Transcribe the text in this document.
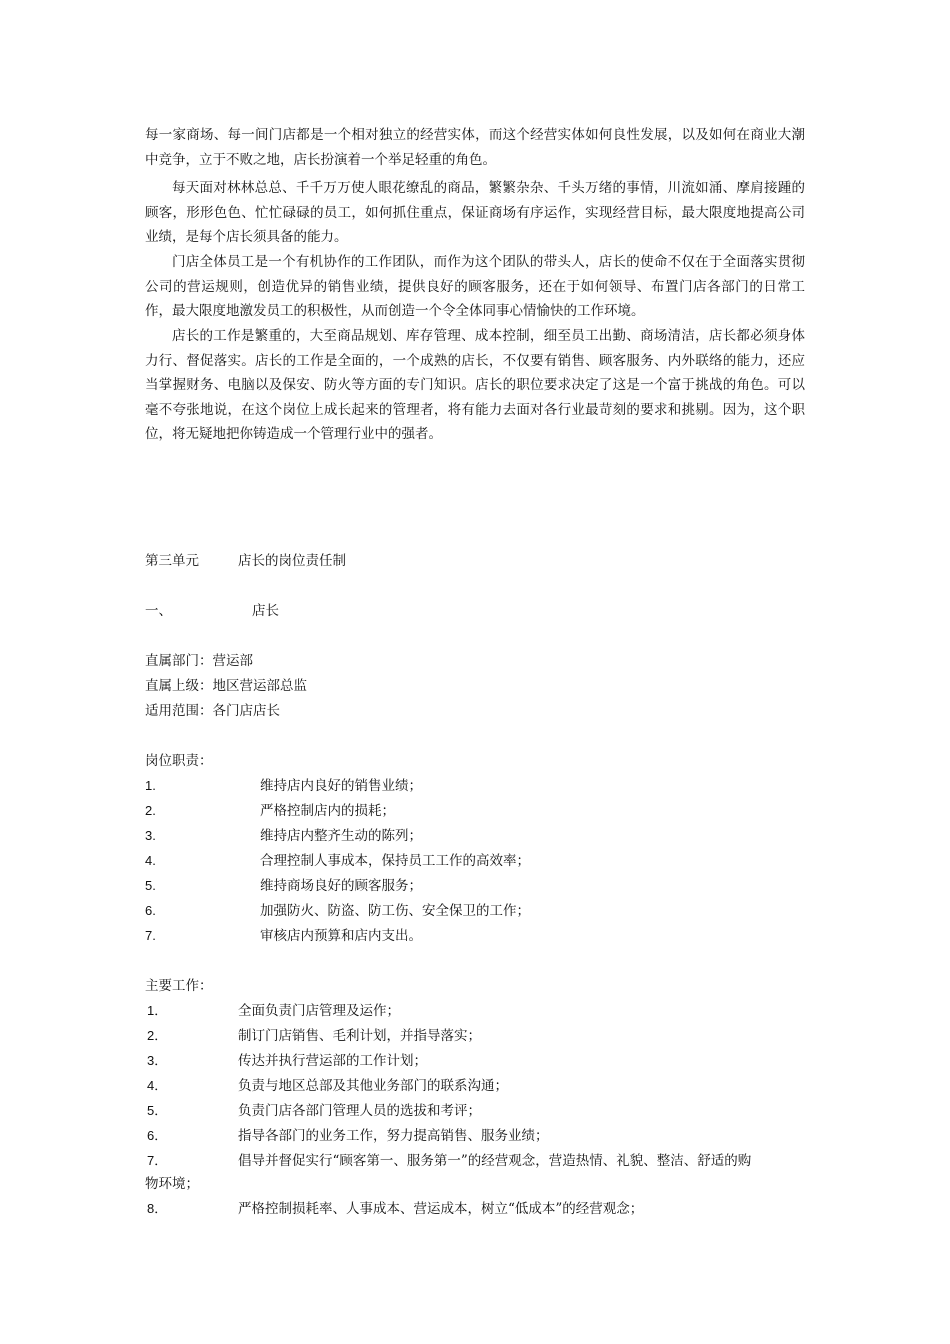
每一家商场、每一间门店都是一个相对独立的经营实体，而这个经营实体如何良性发展，以及如何在商业大潮中竞争，立于不败之地，店长扮演着一个举足轻重的角色。

每天面对林林总总、千千万万使人眼花缭乱的商品，繁繁杂杂、千头万绪的事情，川流如涌、摩肩接踵的顾客，形形色色、忙忙碌碌的员工，如何抓住重点，保证商场有序运作，实现经营目标，最大限度地提高公司业绩，是每个店长须具备的能力。

门店全体员工是一个有机协作的工作团队，而作为这个团队的带头人，店长的使命不仅在于全面落实贯彻公司的营运规则，创造优异的销售业绩，提供良好的顾客服务，还在于如何领导、布置门店各部门的日常工作，最大限度地激发员工的积极性，从而创造一个令全体同事心情愉快的工作环境。

店长的工作是繁重的，大至商品规划、库存管理、成本控制，细至员工出勤、商场清洁，店长都必须身体力行、督促落实。店长的工作是全面的，一个成熟的店长，不仅要有销售、顾客服务、内外联络的能力，还应当掌握财务、电脑以及保安、防火等方面的专门知识。店长的职位要求决定了这是一个富于挑战的角色。可以毫不夸张地说，在这个岗位上成长起来的管理者，将有能力去面对各行业最苛刻的要求和挑剔。因为，这个职位，将无疑地把你铸造成一个管理行业中的强者。

第三单元	店长的岗位责任制
一、	店长
直属部门：营运部
直属上级：地区营运部总监
适用范围：各门店店长
岗位职责：
1.	维持店内良好的销售业绩；
2.	严格控制店内的损耗；
3.	维持店内整齐生动的陈列；
4.	合理控制人事成本，保持员工工作的高效率；
5.	维持商场良好的顾客服务；
6.	加强防火、防盗、防工伤、安全保卫的工作；
7.	审核店内预算和店内支出。
主要工作：
1．	全面负责门店管理及运作；
2．	制订门店销售、毛利计划，并指导落实；
3．	传达并执行营运部的工作计划；
4．	负责与地区总部及其他业务部门的联系沟通；
5．	负责门店各部门管理人员的选拔和考评；
6．	指导各部门的业务工作，努力提高销售、服务业绩；
7．	倡导并督促实行“顾客第一、服务第一”的经营观念，营造热情、礼貌、整洁、舒适的购
物环境；
8．	严格控制损耗率、人事成本、营运成本，树立“低成本”的经营观念；
